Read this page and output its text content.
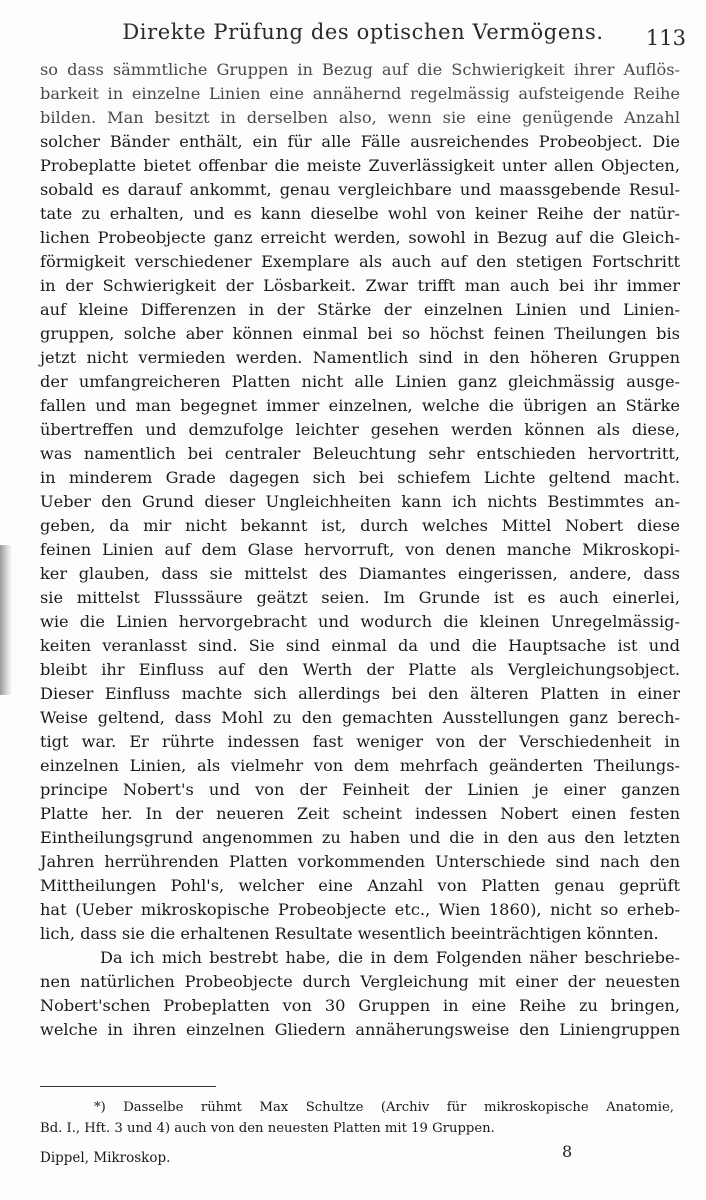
Direkte Prüfung des optischen Vermögens.	113
so dass sämmtliche Gruppen in Bezug auf die Schwierigkeit ihrer Auflös-
barkeit in einzelne Linien eine annähernd regelmässig aufsteigende Reihe
bilden. Man besitzt in derselben also, wenn sie eine genügende Anzahl
solcher Bänder enthält, ein für alle Fälle ausreichendes Probeobject. Die
Probeplatte bietet offenbar die meiste Zuverlässigkeit unter allen Objecten,
sobald es darauf ankommt, genau vergleichbare und maassgebende Resul-
tate zu erhalten, und es kann dieselbe wohl von keiner Reihe der natür-
lichen Probeobjecte ganz erreicht werden, sowohl in Bezug auf die Gleich-
förmigkeit verschiedener Exemplare als auch auf den stetigen Fortschritt
in der Schwierigkeit der Lösbarkeit. Zwar trifft man auch bei ihr immer
auf kleine Differenzen in der Stärke der einzelnen Linien und Linien-
gruppen, solche aber können einmal bei so höchst feinen Theilungen bis
jetzt nicht vermieden werden. Namentlich sind in den höheren Gruppen
der umfangreicheren Platten nicht alle Linien ganz gleichmässig ausge-
fallen und man begegnet immer einzelnen, welche die übrigen an Stärke
übertreffen und demzufolge leichter gesehen werden können als diese,
was namentlich bei centraler Beleuchtung sehr entschieden hervortritt,
in minderem Grade dagegen sich bei schiefem Lichte geltend macht.
Ueber den Grund dieser Ungleichheiten kann ich nichts Bestimmtes an-
geben, da mir nicht bekannt ist, durch welches Mittel Nobert diese
feinen Linien auf dem Glase hervorruft, von denen manche Mikroskopi-
ker glauben, dass sie mittelst des Diamantes eingerissen, andere, dass
sie mittelst Flusssäure geätzt seien. Im Grunde ist es auch einerlei,
wie die Linien hervorgebracht und wodurch die kleinen Unregelmässig-
keiten veranlasst sind. Sie sind einmal da und die Hauptsache ist und
bleibt ihr Einfluss auf den Werth der Platte als Vergleichungsobject.
Dieser Einfluss machte sich allerdings bei den älteren Platten in einer
Weise geltend, dass Mohl zu den gemachten Ausstellungen ganz berech-
tigt war. Er rührte indessen fast weniger von der Verschiedenheit in
einzelnen Linien, als vielmehr von dem mehrfach geänderten Theilungs-
principe Nobert's und von der Feinheit der Linien je einer ganzen
Platte her. In der neueren Zeit scheint indessen Nobert einen festen
Eintheilungsgrund angenommen zu haben und die in den aus den letzten
Jahren herrührenden Platten vorkommenden Unterschiede sind nach den
Mittheilungen Pohl's, welcher eine Anzahl von Platten genau geprüft
hat (Ueber mikroskopische Probeobjecte etc., Wien 1860), nicht so erheb-
lich, dass sie die erhaltenen Resultate wesentlich beeinträchtigen könnten.
Da ich mich bestrebt habe, die in dem Folgenden näher beschriebe-
nen natürlichen Probeobjecte durch Vergleichung mit einer der neuesten
Nobert'schen Probeplatten von 30 Gruppen in eine Reihe zu bringen,
welche in ihren einzelnen Gliedern annäherungsweise den Liniengruppen
*) Dasselbe rühmt Max Schultze (Archiv für mikroskopische Anatomie,
Bd. I., Hft. 3 und 4) auch von den neuesten Platten mit 19 Gruppen.
Dippel, Mikroskop.	8
